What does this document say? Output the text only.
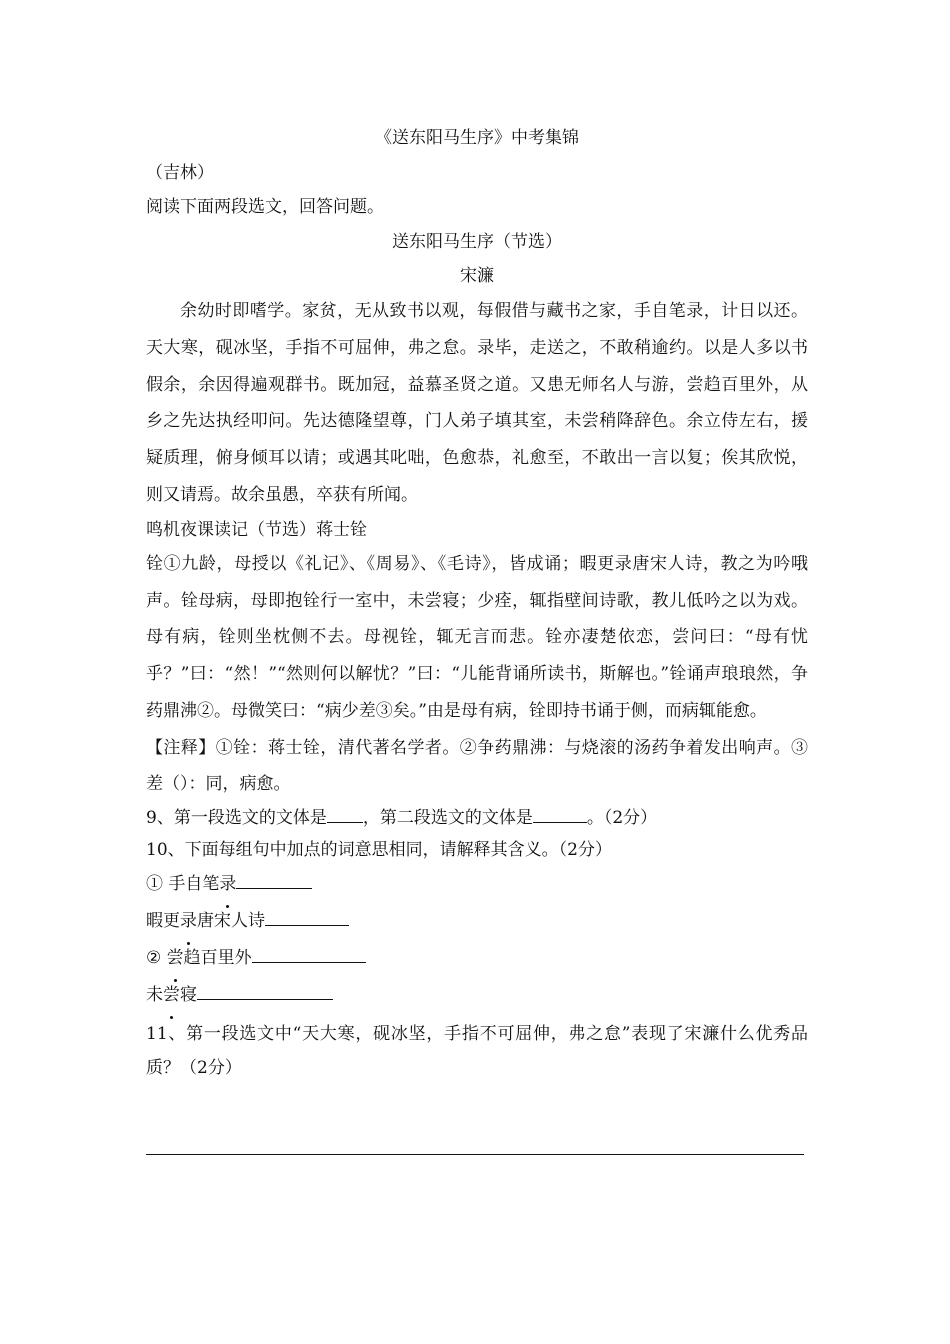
《送东阳马生序》中考集锦
（吉林）
阅读下面两段选文，回答问题。
送东阳马生序（节选）
宋濂

余幼时即嗜学。家贫，无从致书以观，每假借与藏书之家，手自笔录，计日以还。天大寒，砚冰坚，手指不可屈伸，弗之怠。录毕，走送之，不敢稍逾约。以是人多以书假余，余因得遍观群书。既加冠，益慕圣贤之道。又患无师名人与游，尝趋百里外，从乡之先达执经叩问。先达德隆望尊，门人弟子填其室，未尝稍降辞色。余立侍左右，援疑质理，俯身倾耳以请；或遇其叱咄，色愈恭，礼愈至，不敢出一言以复；俟其欣悦，则又请焉。故余虽愚，卒获有所闻。

鸣机夜课读记（节选）蒋士铨

铨①九龄，母授以《礼记》、《周易》、《毛诗》，皆成诵；暇更录唐宋人诗，教之为吟哦声。铨母病，母即抱铨行一室中，未尝寝；少痊，辄指壁间诗歌，教儿低吟之以为戏。母有病，铨则坐枕侧不去。母视铨，辄无言而悲。铨亦凄楚依恋，尝问曰：“母有忧乎？”曰：“然！”“然则何以解忧？”曰：“儿能背诵所读书，斯解也。”铨诵声琅琅然，争药鼎沸②。母微笑曰：“病少差③矣。”由是母有病，铨即持书诵于侧，而病辄能愈。

【注释】①铨：蒋士铨，清代著名学者。②争药鼎沸：与烧滚的汤药争着发出响声。③差（）：同，病愈。

9、第一段选文的文体是 ，第二段选文的文体是	。（2分）
10、下面每组句中加点的词意思相同，请解释其含义。（2分）
① 手自笔录
暇更录唐宋人诗
② 尝趋百里外
未尝寝

11、第一段选文中“天大寒，砚冰坚，手指不可屈伸，弗之怠”表现了宋濂什么优秀品质？（2分）
